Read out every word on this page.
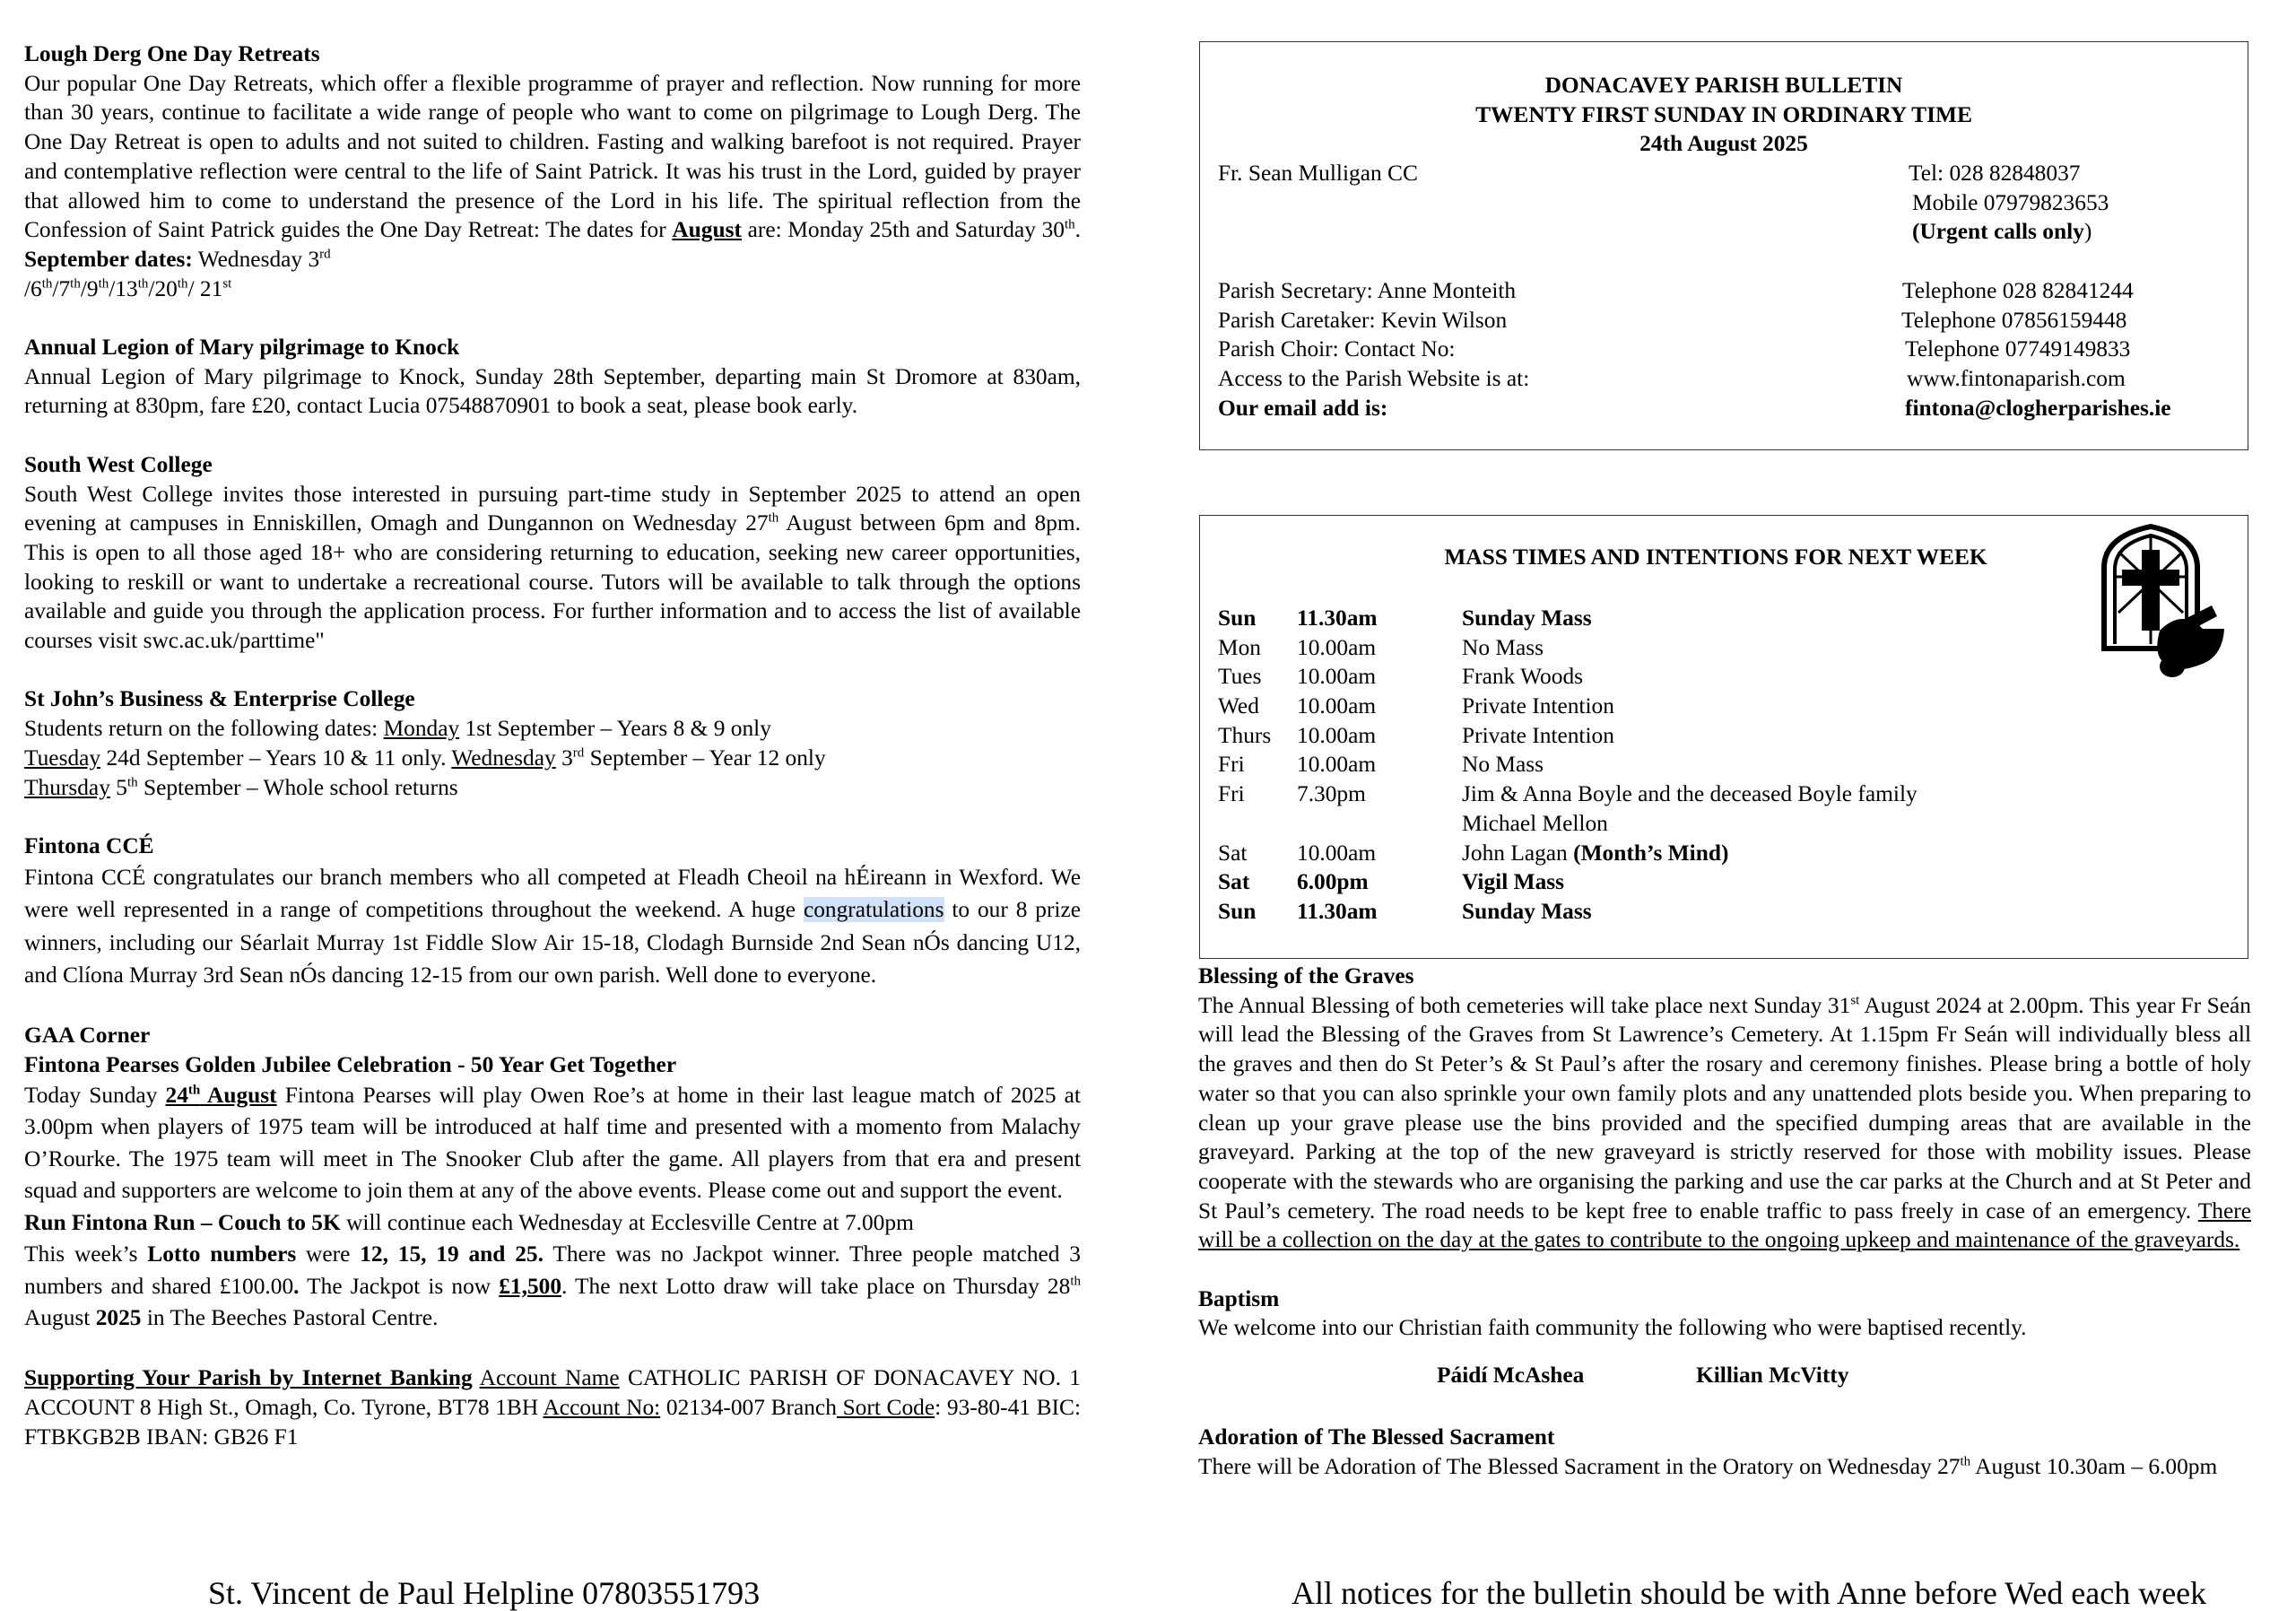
Lough Derg One Day Retreats

Our popular One Day Retreats, which offer a flexible programme of prayer and reflection. Now running for more than 30 years, continue to facilitate a wide range of people who want to come on pilgrimage to Lough Derg. The One Day Retreat is open to adults and not suited to children. Fasting and walking barefoot is not required. Prayer and contemplative reflection were central to the life of Saint Patrick. It was his trust in the Lord, guided by prayer that allowed him to come to understand the presence of the Lord in his life. The spiritual reflection from the Confession of Saint Patrick guides the One Day Retreat: The dates for August are: Monday 25th and Saturday 30th. September dates: Wednesday 3rd

/6th/7th/9th/13th/20th/ 21st
Annual Legion of Mary pilgrimage to Knock

Annual Legion of Mary pilgrimage to Knock, Sunday 28th September, departing main St Dromore at 830am, returning at 830pm, fare £20, contact Lucia 07548870901 to book a seat, please book early.

South West College

South West College invites those interested in pursuing part-time study in September 2025 to attend an open evening at campuses in Enniskillen, Omagh and Dungannon on Wednesday 27th August between 6pm and 8pm. This is open to all those aged 18+ who are considering returning to education, seeking new career opportunities, looking to reskill or want to undertake a recreational course. Tutors will be available to talk through the options available and guide you through the application process. For further information and to access the list of available courses visit swc.ac.uk/parttime"

St John’s Business & Enterprise College
Students return on the following dates: Monday 1st September – Years 8 & 9 only
Tuesday 24d September – Years 10 & 11 only. Wednesday 3rd September – Year 12 only
Thursday 5th September – Whole school returns
Fintona CCÉ

Fintona CCÉ congratulates our branch members who all competed at Fleadh Cheoil na hÉireann in Wexford. We were well represented in a range of competitions throughout the weekend. A huge congratulations to our 8 prize winners, including our Séarlait Murray 1st Fiddle Slow Air 15-18, Clodagh Burnside 2nd Sean nÓs dancing U12, and Clíona Murray 3rd Sean nÓs dancing 12-15 from our own parish. Well done to everyone.

GAA Corner
Fintona Pearses Golden Jubilee Celebration - 50 Year Get Together

Today Sunday 24th August Fintona Pearses will play Owen Roe’s at home in their last league match of 2025 at 3.00pm when players of 1975 team will be introduced at half time and presented with a momento from Malachy O’Rourke. The 1975 team will meet in The Snooker Club after the game. All players from that era and present squad and supporters are welcome to join them at any of the above events. Please come out and support the event.

Run Fintona Run – Couch to 5K will continue each Wednesday at Ecclesville Centre at 7.00pm

This week’s Lotto numbers were 12, 15, 19 and 25. There was no Jackpot winner. Three people matched 3 numbers and shared £100.00. The Jackpot is now £1,500. The next Lotto draw will take place on Thursday 28th August 2025 in The Beeches Pastoral Centre.

Supporting Your Parish by Internet Banking Account Name CATHOLIC PARISH OF DONACAVEY NO. 1 ACCOUNT 8 High St., Omagh, Co. Tyrone, BT78 1BH Account No: 02134-007 Branch Sort Code: 93-80-41 BIC: FTBKGB2B IBAN: GB26 F1

DONACAVEY PARISH BULLETIN
TWENTY FIRST SUNDAY IN ORDINARY TIME
24th August 2025
Fr. Sean Mulligan CC	Tel: 028 82848037
Mobile 07979823653
(Urgent calls only)
Parish Secretary: Anne Monteith	Telephone 028 82841244
Parish Caretaker: Kevin Wilson	Telephone 07856159448
Parish Choir: Contact No:	Telephone 07749149833
Access to the Parish Website is at:	www.fintonaparish.com
Our email add is:	fintona@clogherparishes.ie
MASS TIMES AND INTENTIONS FOR NEXT WEEK
Sun 11.30am	Sunday Mass
Mon 10.00am	No Mass
Tues 10.00am	Frank Woods
Wed 10.00am	Private Intention
Thurs 10.00am	Private Intention
Fri 10.00am	No Mass
Fri 7.30pm	Jim & Anna Boyle and the deceased Boyle family
Michael Mellon
Sat 10.00am	John Lagan (Month’s Mind)
Sat 6.00pm	Vigil Mass
Sun 11.30am	Sunday Mass
Blessing of the Graves

The Annual Blessing of both cemeteries will take place next Sunday 31st August 2024 at 2.00pm. This year Fr Seán will lead the Blessing of the Graves from St Lawrence’s Cemetery. At 1.15pm Fr Seán will individually bless all the graves and then do St Peter’s & St Paul’s after the rosary and ceremony finishes. Please bring a bottle of holy water so that you can also sprinkle your own family plots and any unattended plots beside you. When preparing to clean up your grave please use the bins provided and the specified dumping areas that are available in the graveyard. Parking at the top of the new graveyard is strictly reserved for those with mobility issues. Please cooperate with the stewards who are organising the parking and use the car parks at the Church and at St Peter and St Paul’s cemetery. The road needs to be kept free to enable traffic to pass freely in case of an emergency. There will be a collection on the day at the gates to contribute to the ongoing upkeep and maintenance of the graveyards.

Baptism
We welcome into our Christian faith community the following who were baptised recently.
Páidí McAshea	Killian McVitty
Adoration of The Blessed Sacrament

There will be Adoration of The Blessed Sacrament in the Oratory on Wednesday 27th August 10.30am – 6.00pm

St. Vincent de Paul Helpline 07803551793	All notices for the bulletin should be with Anne before Wed each week
